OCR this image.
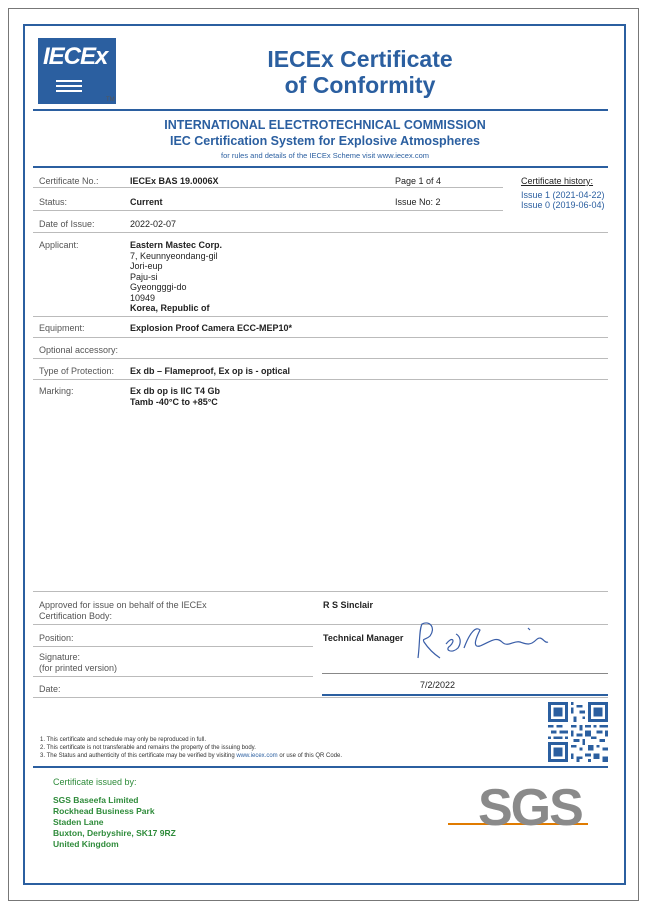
IECEx
TM
IECEx Certificate
of Conformity
INTERNATIONAL ELECTROTECHNICAL COMMISSION
IEC Certification System for Explosive Atmospheres
for rules and details of the IECEx Scheme visit www.iecex.com
Certificate No.:	IECEx BAS 19.0006X	Page 1 of 4	Certificate history:
Issue 1 (2021-04-22)
Issue 0 (2019-06-04)
Status:	Current	Issue No: 2
Date of Issue:	2022-02-07
Applicant:	Eastern Mastec Corp.
7, Keunnyeondang-gil
Jori-eup
Paju-si
Gyeongggi-do
10949
Korea, Republic of
Equipment:	Explosion Proof Camera ECC-MEP10*
Optional accessory:
Type of Protection: Ex db – Flameproof, Ex op is - optical
Marking:	Ex db op is IIC T4 Gb
Tamb -40°C to +85°C
Approved for issue on behalf of the IECEx
Certification Body:
R S Sinclair
Position:	Technical Manager
Signature:
(for printed version)
7/2/2022
Date:
1. This certificate and schedule may only be reproduced in full.
2. This certificate is not transferable and remains the property of the issuing body.
3. The Status and authenticity of this certificate may be verified by visiting www.iecex.com or use of this QR Code.
Certificate issued by:
SGS Baseefa Limited
Rockhead Business Park
Staden Lane
Buxton, Derbyshire, SK17 9RZ
United Kingdom
SGS
